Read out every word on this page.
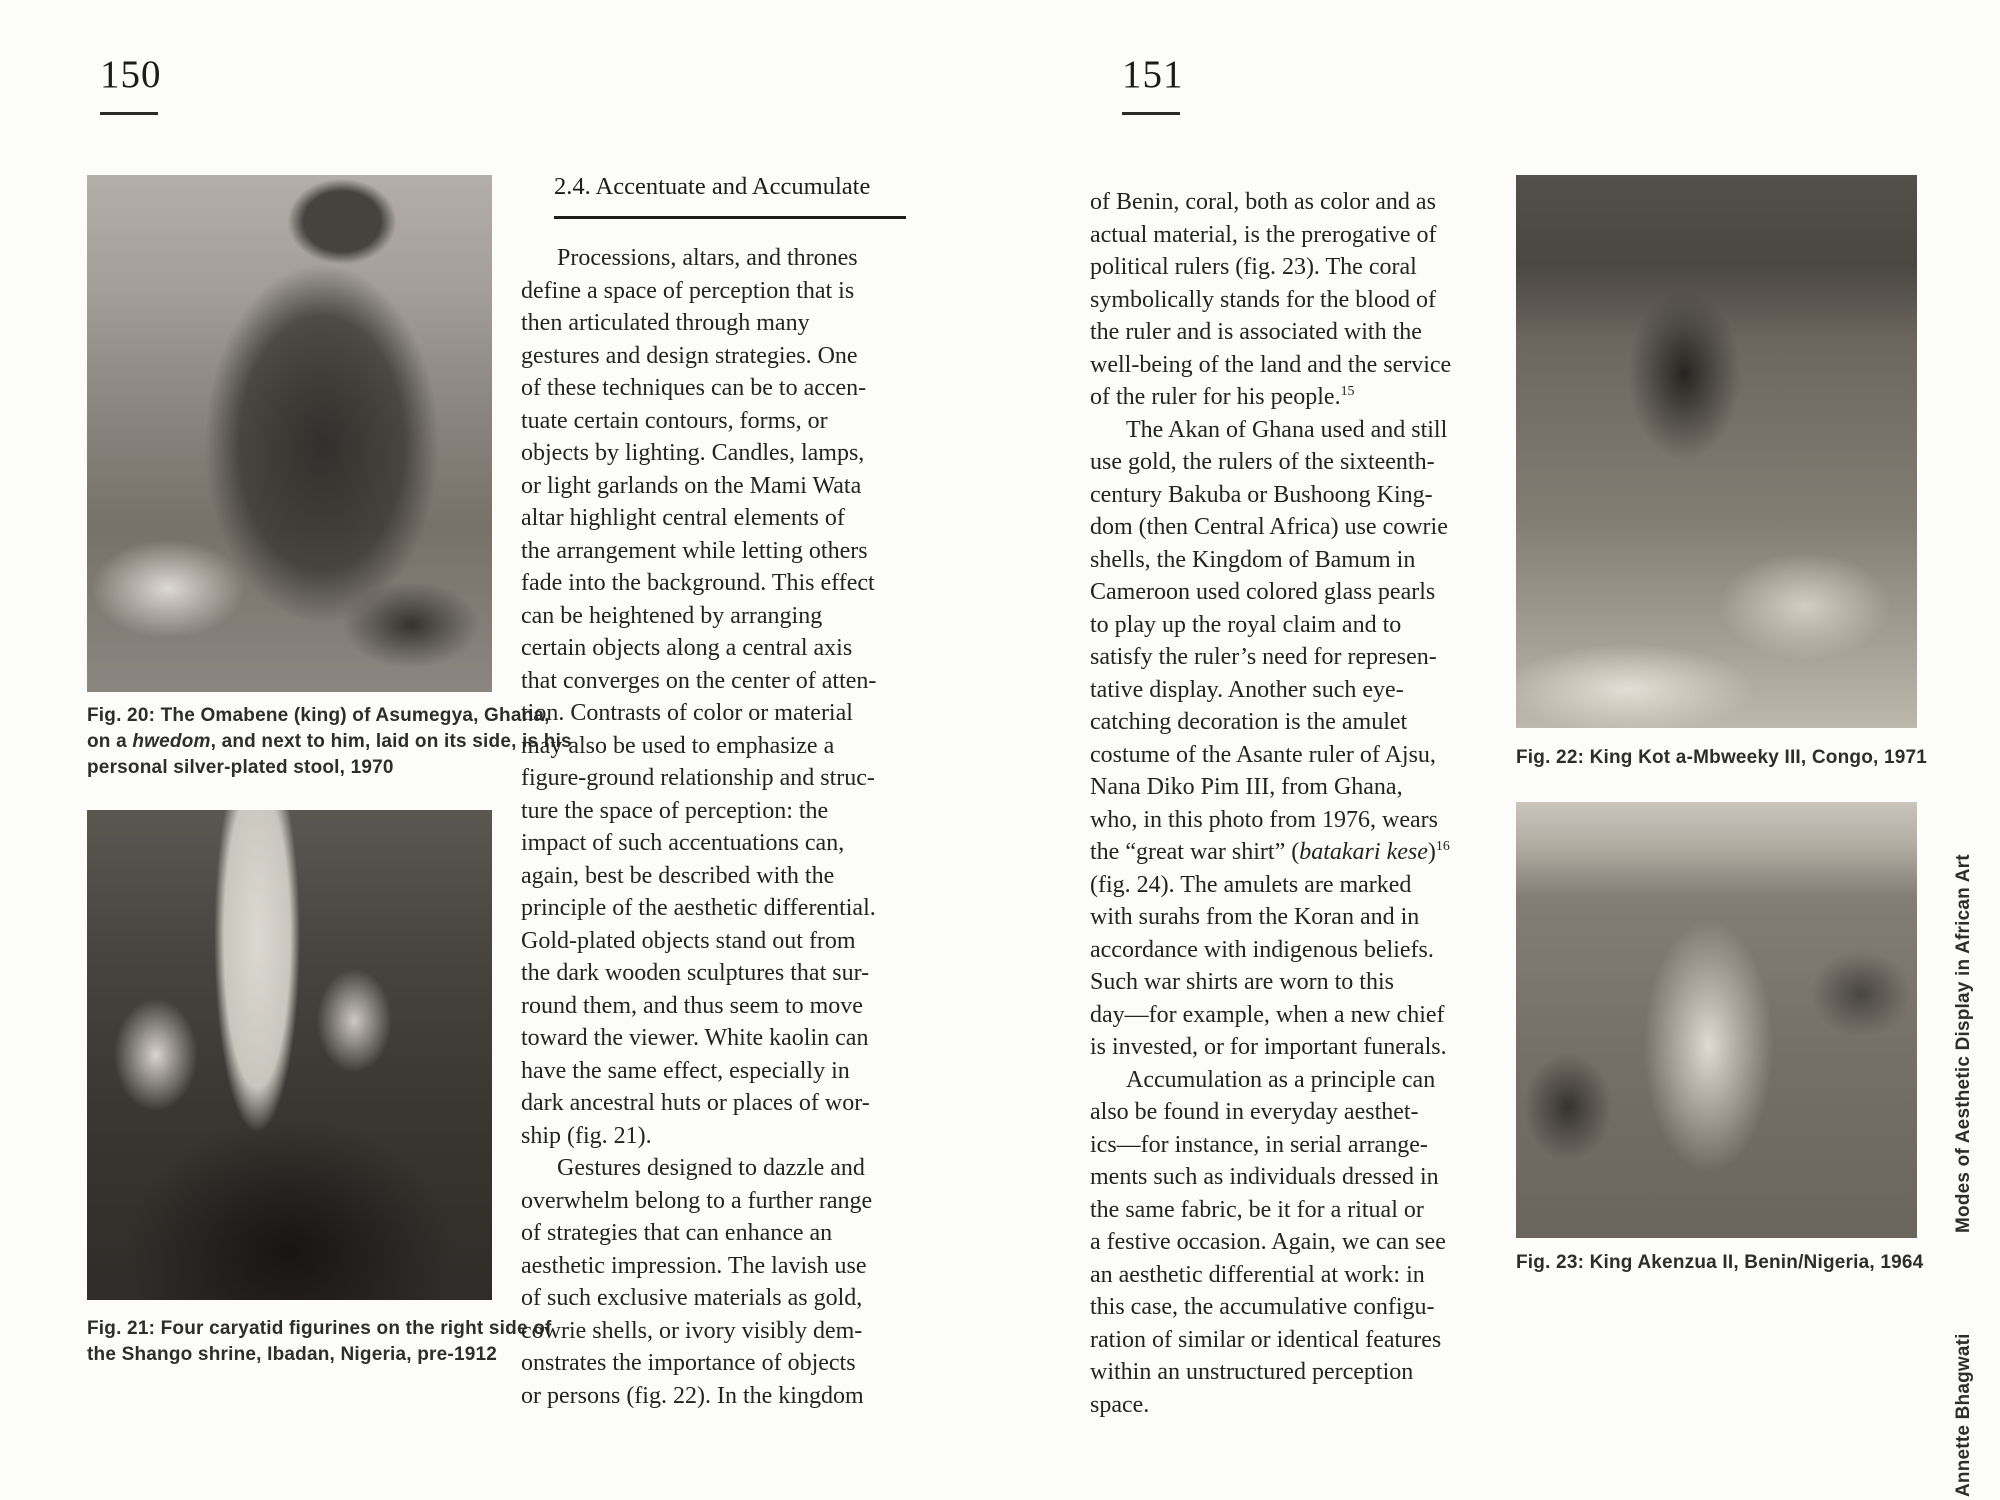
150
Fig. 20: The Omabene (king) of Asumegya, Ghana,
on a hwedom, and next to him, laid on its side, is his
personal silver-plated stool, 1970
Fig. 21: Four caryatid figurines on the right side of
the Shango shrine, Ibadan, Nigeria, pre-1912
2.4. Accentuate and Accumulate
Processions, altars, and thrones
define a space of perception that is
then articulated through many
gestures and design strategies. One
of these techniques can be to accen-
tuate certain contours, forms, or
objects by lighting. Candles, lamps,
or light garlands on the Mami Wata
altar highlight central elements of
the arrangement while letting others
fade into the background. This effect
can be heightened by arranging
certain objects along a central axis
that converges on the center of atten-
tion. Contrasts of color or material
may also be used to emphasize a
figure-ground relationship and struc-
ture the space of perception: the
impact of such accentuations can,
again, best be described with the
principle of the aesthetic differential.
Gold-plated objects stand out from
the dark wooden sculptures that sur-
round them, and thus seem to move
toward the viewer. White kaolin can
have the same effect, especially in
dark ancestral huts or places of wor-
ship (fig. 21).
Gestures designed to dazzle and
overwhelm belong to a further range
of strategies that can enhance an
aesthetic impression. The lavish use
of such exclusive materials as gold,
cowrie shells, or ivory visibly dem-
onstrates the importance of objects
or persons (fig. 22). In the kingdom
151
of Benin, coral, both as color and as
actual material, is the prerogative of
political rulers (fig. 23). The coral
symbolically stands for the blood of
the ruler and is associated with the
well-being of the land and the service
of the ruler for his people.$^{15}$
The Akan of Ghana used and still
use gold, the rulers of the sixteenth-
century Bakuba or Bushoong King-
dom (then Central Africa) use cowrie
shells, the Kingdom of Bamum in
Cameroon used colored glass pearls
to play up the royal claim and to
satisfy the ruler’s need for represen-
tative display. Another such eye-
catching decoration is the amulet
costume of the Asante ruler of Ajsu,
Nana Diko Pim III, from Ghana,
who, in this photo from 1976, wears
the “great war shirt” (batakari kese)$^{16}$
(fig. 24). The amulets are marked
with surahs from the Koran and in
accordance with indigenous beliefs.
Such war shirts are worn to this
day—for example, when a new chief
is invested, or for important funerals.
Accumulation as a principle can
also be found in everyday aesthet-
ics—for instance, in serial arrange-
ments such as individuals dressed in
the same fabric, be it for a ritual or
a festive occasion. Again, we can see
an aesthetic differential at work: in
this case, the accumulative configu-
ration of similar or identical features
within an unstructured perception
space.
Fig. 22: King Kot a-Mbweeky III, Congo, 1971
Fig. 23: King Akenzua II, Benin/Nigeria, 1964
Modes of Aesthetic Display in African Art
Annette Bhagwati
